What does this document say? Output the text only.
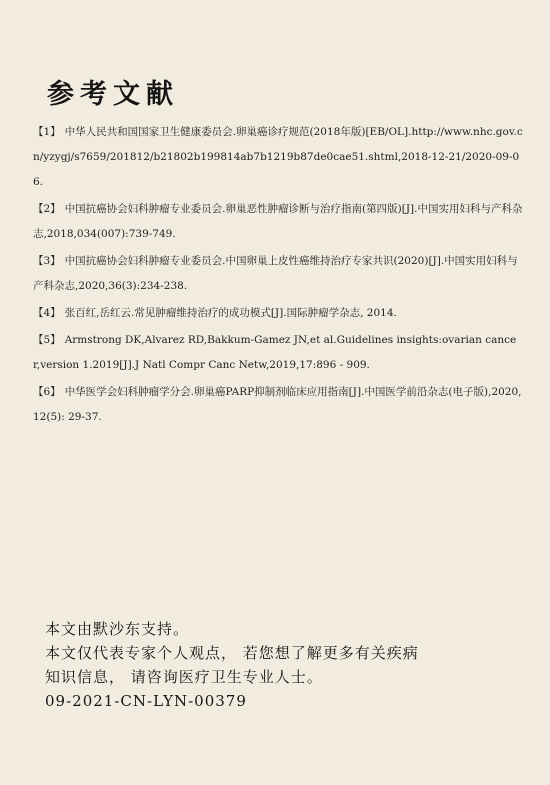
参考文献

【1】 中华人民共和国国家卫生健康委员会.卵巢癌诊疗规范(2018年版)[EB/OL].http://www.nhc.gov.cn/yzygj/s7659/201812/b21802b199814ab7b1219b87de0cae51.shtml,2018-12-21/2020-09-06.

【2】 中国抗癌协会妇科肿瘤专业委员会.卵巢恶性肿瘤诊断与治疗指南(第四版)[J].中国实用妇科与产科杂志,2018,034(007):739-749.

【3】 中国抗癌协会妇科肿瘤专业委员会.中国卵巢上皮性癌维持治疗专家共识(2020)[J].中国实用妇科与产科杂志,2020,36(3):234-238.

【4】 张百红,岳红云.常见肿瘤维持治疗的成功模式[J].国际肿瘤学杂志, 2014.

【5】 Armstrong DK,Alvarez RD,Bakkum-Gamez JN,et al.Guidelines insights:ovarian cancer,version 1.2019[J].J Natl Compr Canc Netw,2019,17:896 - 909.

【6】 中华医学会妇科肿瘤学分会.卵巢癌PARP抑制剂临床应用指南[J].中国医学前沿杂志(电子版),2020,12(5): 29-37.

本文由默沙东支持。

本文仅代表专家个人观点， 若您想了解更多有关疾病

知识信息， 请咨询医疗卫生专业人士。

09-2021-CN-LYN-00379
